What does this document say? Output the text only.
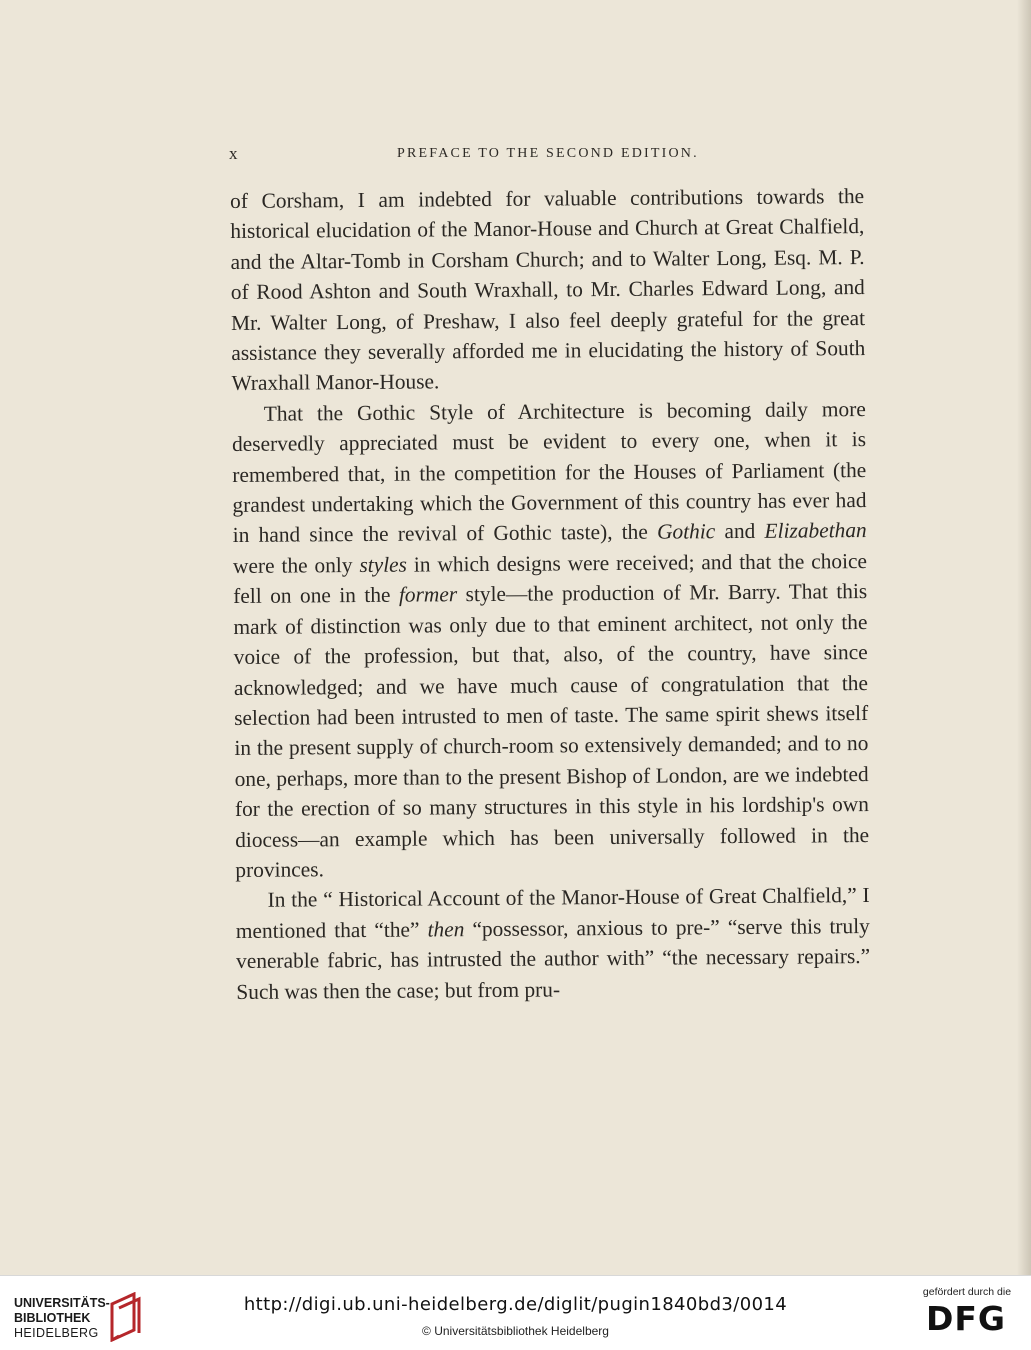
x	PREFACE TO THE SECOND EDITION.

of Corsham, I am indebted for valuable contributions towards the historical elucidation of the Manor-House and Church at Great Chalfield, and the Altar-Tomb in Corsham Church; and to Walter Long, Esq. M. P. of Rood Ashton and South Wraxhall, to Mr. Charles Edward Long, and Mr. Walter Long, of Preshaw, I also feel deeply grateful for the great assistance they severally afforded me in elucidating the history of South Wraxhall Manor-House.

That the Gothic Style of Architecture is becoming daily more deservedly appreciated must be evident to every one, when it is remembered that, in the competition for the Houses of Parliament (the grandest undertaking which the Government of this country has ever had in hand since the revival of Gothic taste), the Gothic and Elizabethan were the only styles in which designs were received; and that the choice fell on one in the former style—the production of Mr. Barry. That this mark of distinction was only due to that eminent architect, not only the voice of the profession, but that, also, of the country, have since acknowledged; and we have much cause of congratulation that the selection had been intrusted to men of taste. The same spirit shews itself in the present supply of church-room so extensively demanded; and to no one, perhaps, more than to the present Bishop of London, are we indebted for the erection of so many structures in this style in his lordship's own diocess—an example which has been universally followed in the provinces.

In the “ Historical Account of the Manor-House of Great Chalfield,” I mentioned that “the” then “possessor, anxious to pre-” “serve this truly venerable fabric, has intrusted the author with” “the necessary repairs.” Such was then the case; but from pru-

UNIVERSITÄTS-
BIBLIOTHEK
HEIDELBERG
http://digi.ub.uni-heidelberg.de/diglit/pugin1840bd3/0014
© Universitätsbibliothek Heidelberg
gefördert durch die
DFG
